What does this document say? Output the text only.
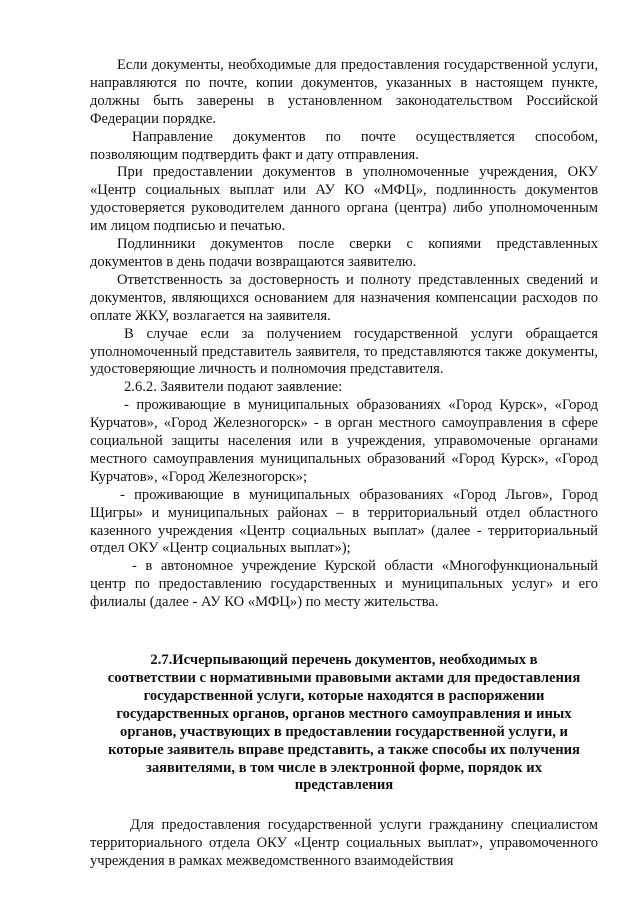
Если документы, необходимые для предоставления государственной услуги, направляются по почте, копии документов, указанных в настоящем пункте, должны быть заверены в установленном законодательством Российской Федерации порядке.

Направление документов по почте осуществляется способом, позволяющим подтвердить факт и дату отправления.

При предоставлении документов в уполномоченные учреждения, ОКУ «Центр социальных выплат или АУ КО «МФЦ», подлинность документов удостоверяется руководителем данного органа (центра) либо уполномоченным им лицом подписью и печатью.

Подлинники документов после сверки с копиями представленных документов в день подачи возвращаются заявителю.

Ответственность за достоверность и полноту представленных сведений и документов, являющихся основанием для назначения компенсации расходов по оплате ЖКУ, возлагается на заявителя.

В случае если за получением государственной услуги обращается уполномоченный представитель заявителя, то представляются также документы, удостоверяющие личность и полномочия представителя.

2.6.2. Заявители подают заявление:

- проживающие в муниципальных образованиях «Город Курск», «Город Курчатов», «Город Железногорск» - в орган местного самоуправления в сфере социальной защиты населения или в учреждения, управомоченые органами местного самоуправления муниципальных образований «Город Курск», «Город Курчатов», «Город Железногорск»;

- проживающие в муниципальных образованиях «Город Льгов», Город Щигры» и муниципальных районах – в территориальный отдел областного казенного учреждения «Центр социальных выплат» (далее - территориальный отдел ОКУ «Центр социальных выплат»);

- в автономное учреждение Курской области «Многофункциональный центр по предоставлению государственных и муниципальных услуг» и его филиалы (далее - АУ КО «МФЦ») по месту жительства.

2.7.Исчерпывающий перечень документов, необходимых в соответствии с нормативными правовыми актами для предоставления государственной услуги, которые находятся в распоряжении государственных органов, органов местного самоуправления и иных органов, участвующих в предоставлении государственной услуги, и которые заявитель вправе представить, а также способы их получения заявителями, в том числе в электронной форме, порядок их представления

Для предоставления государственной услуги гражданину специалистом территориального отдела ОКУ «Центр социальных выплат», управомоченного учреждения в рамках межведомственного взаимодействия
